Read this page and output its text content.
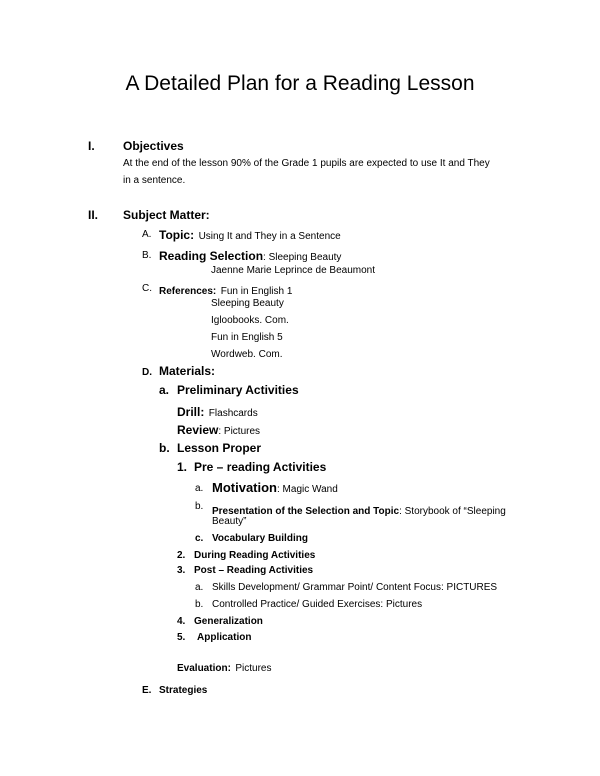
A Detailed Plan for a Reading Lesson
I. Objectives
At the end of the lesson 90% of the Grade 1 pupils are expected to use It and They
in a sentence.
II. Subject Matter:
A. Topic: Using It and They in a Sentence
B. Reading Selection: Sleeping Beauty
Jaenne Marie Leprince de Beaumont
C. References: Fun in English 1
Sleeping Beauty
Igloobooks. Com.
Fun in English 5
Wordweb. Com.
D. Materials:
a. Preliminary Activities
Drill: Flashcards
Review: Pictures
b. Lesson Proper
1. Pre – reading Activities
a. Motivation: Magic Wand
b. Presentation of the Selection and Topic: Storybook of “Sleeping
Beauty”
c. Vocabulary Building
2. During Reading Activities
3. Post – Reading Activities
a. Skills Development/ Grammar Point/ Content Focus: PICTURES
b. Controlled Practice/ Guided Exercises: Pictures
4. Generalization
5. Application
Evaluation: Pictures
E. Strategies
